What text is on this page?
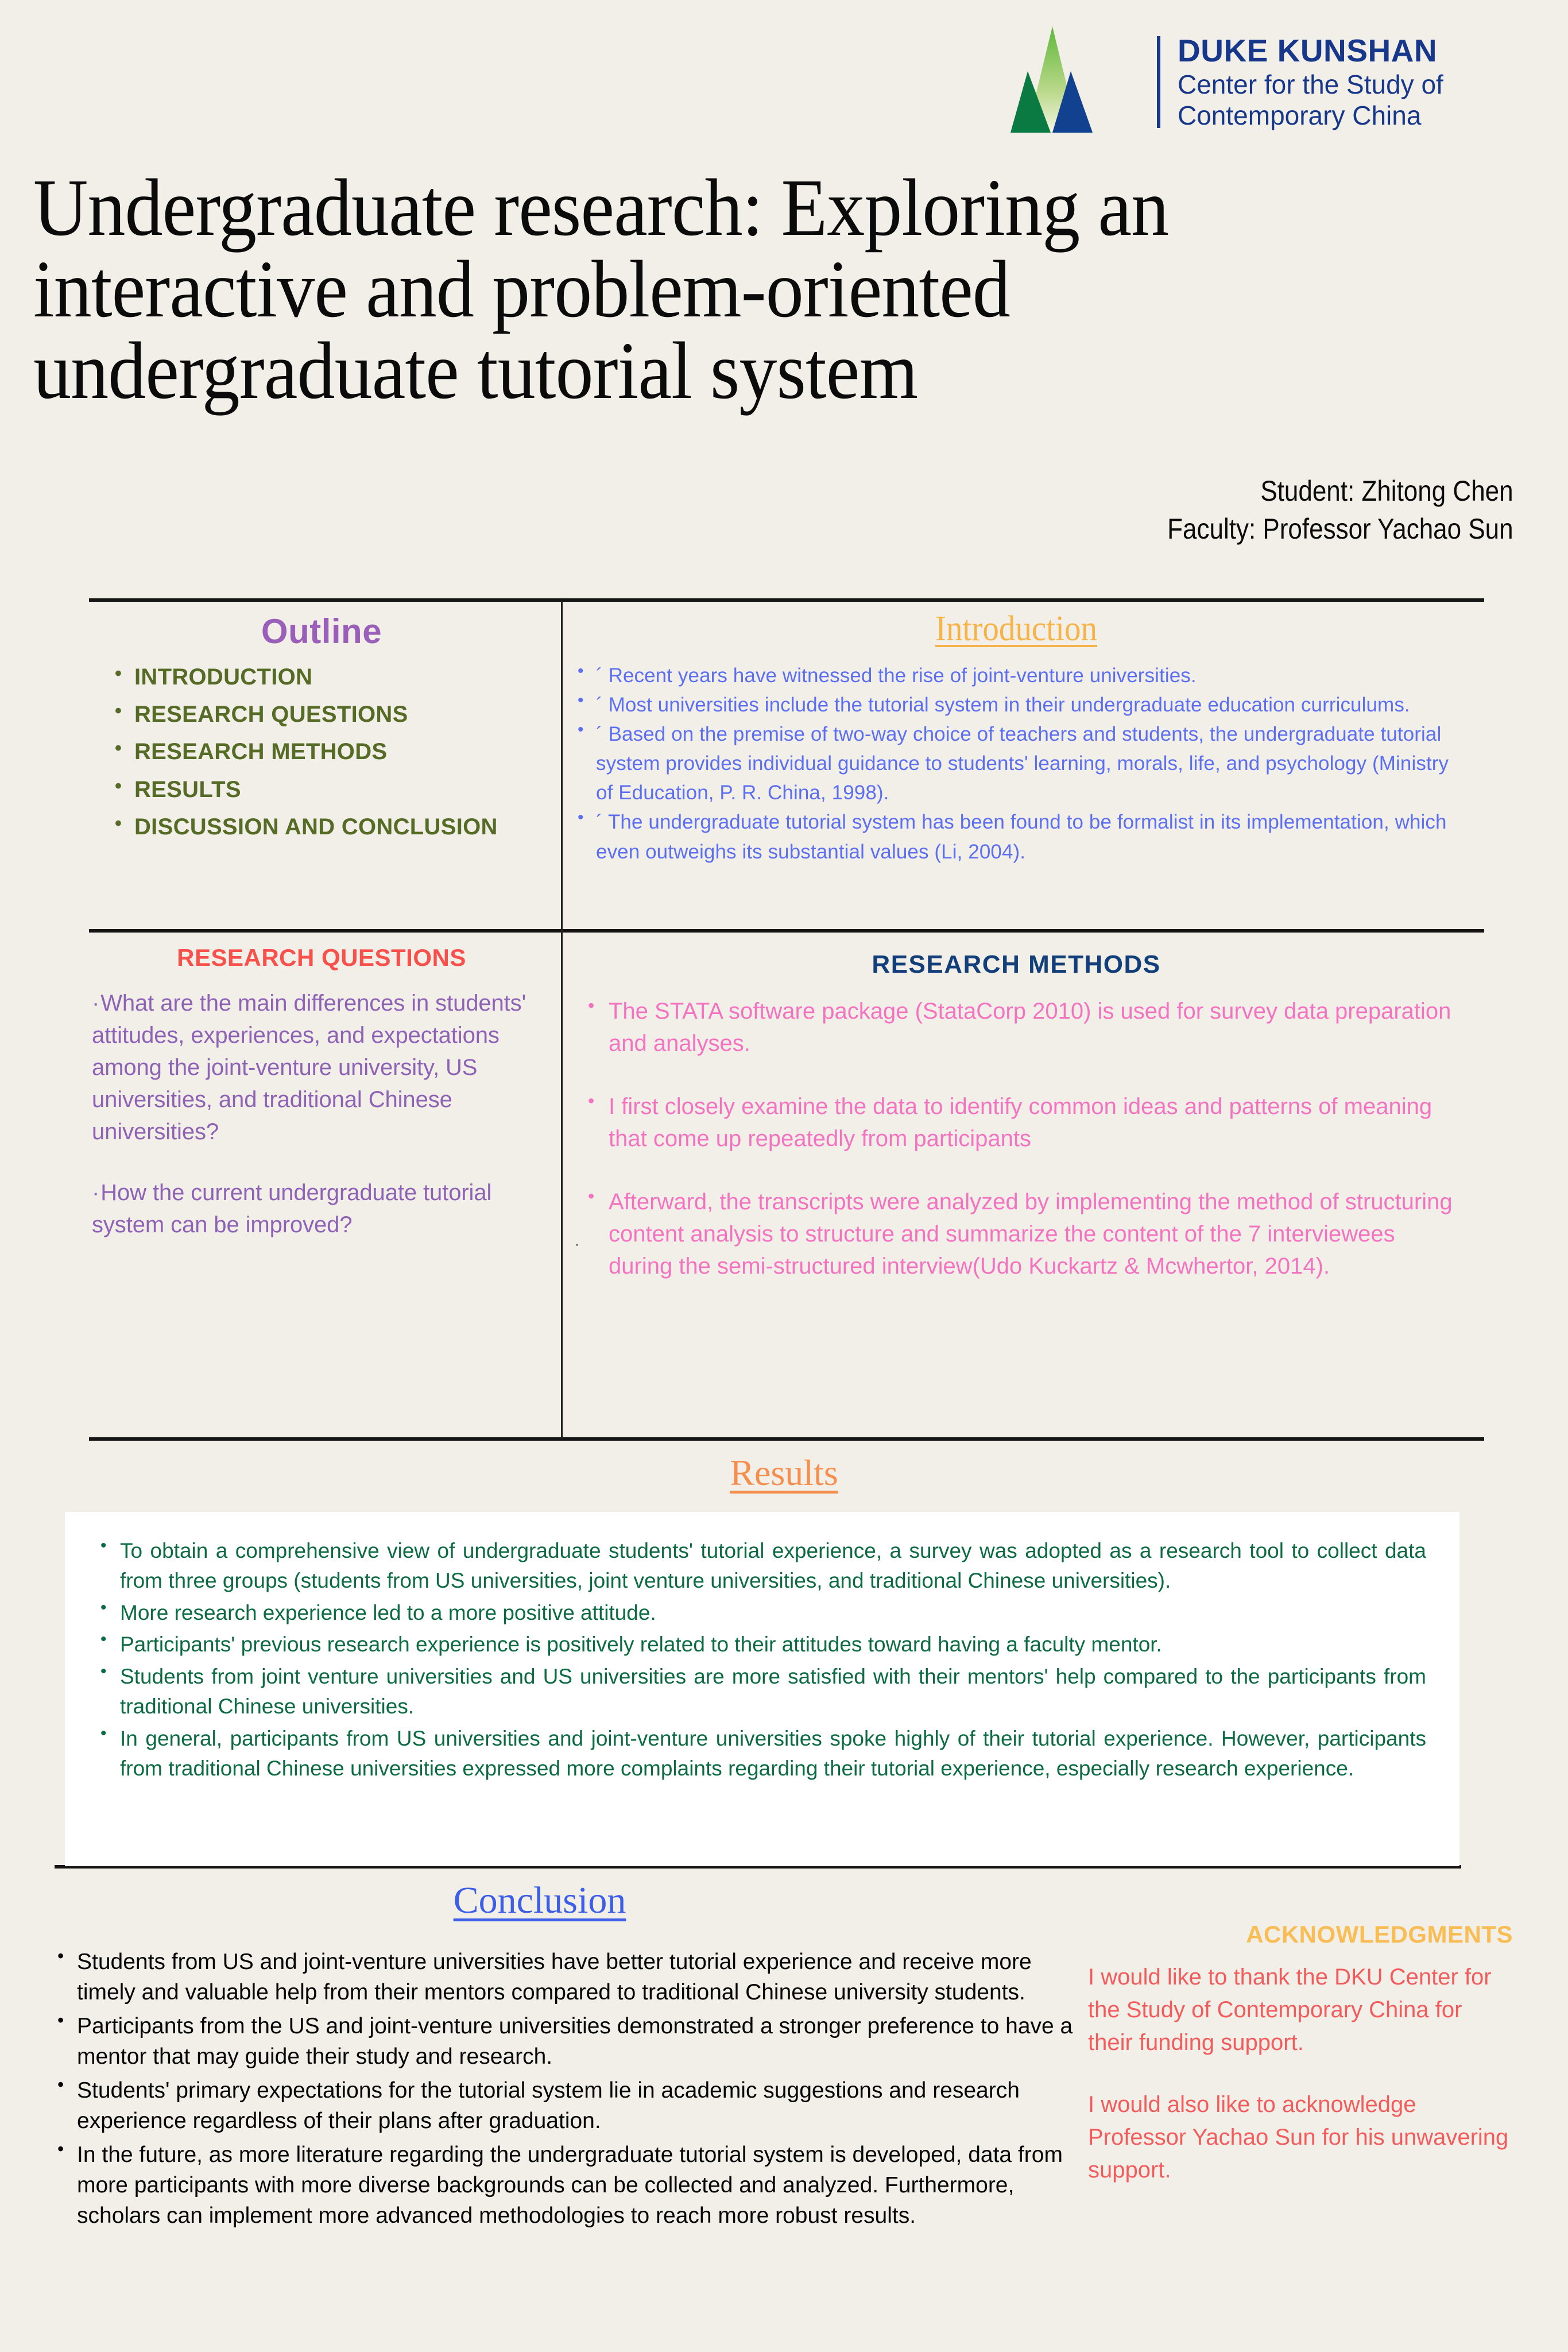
DUKE KUNSHAN
Center for the Study of
Contemporary China
Undergraduate research: Exploring an interactive and problem-oriented undergraduate tutorial system
Student: Zhitong Chen
Faculty: Professor Yachao Sun
Outline
• INTRODUCTION
• RESEARCH QUESTIONS
• RESEARCH METHODS
• RESULTS
• DISCUSSION AND CONCLUSION
Introduction
• ´ Recent years have witnessed the rise of joint-venture universities.
• ´ Most universities include the tutorial system in their undergraduate education curriculums.
• ´ Based on the premise of two-way choice of teachers and students, the undergraduate tutorial system provides individual guidance to students' learning, morals, life, and psychology (Ministry of Education, P. R. China, 1998).
• ´ The undergraduate tutorial system has been found to be formalist in its implementation, which even outweighs its substantial values (Li, 2004).
RESEARCH QUESTIONS
· What are the main differences in students' attitudes, experiences, and expectations among the joint-venture university, US universities, and traditional Chinese universities?
· How the current undergraduate tutorial system can be improved?
RESEARCH METHODS
• The STATA software package (StataCorp 2010) is used for survey data preparation and analyses.
• I first closely examine the data to identify common ideas and patterns of meaning that come up repeatedly from participants
• Afterward, the transcripts were analyzed by implementing the method of structuring content analysis to structure and summarize the content of the 7 interviewees during the semi-structured interview(Udo Kuckartz & Mcwhertor, 2014).
·
Results
• To obtain a comprehensive view of undergraduate students' tutorial experience, a survey was adopted as a research tool to collect data from three groups (students from US universities, joint venture universities, and traditional Chinese universities).
• More research experience led to a more positive attitude.
• Participants' previous research experience is positively related to their attitudes toward having a faculty mentor.
• Students from joint venture universities and US universities are more satisfied with their mentors' help compared to the participants from traditional Chinese universities.
• In general, participants from US universities and joint-venture universities spoke highly of their tutorial experience. However, participants from traditional Chinese universities expressed more complaints regarding their tutorial experience, especially research experience.
Conclusion
• Students from US and joint-venture universities have better tutorial experience and receive more timely and valuable help from their mentors compared to traditional Chinese university students.
• Participants from the US and joint-venture universities demonstrated a stronger preference to have a mentor that may guide their study and research.
• Students' primary expectations for the tutorial system lie in academic suggestions and research experience regardless of their plans after graduation.
• In the future, as more literature regarding the undergraduate tutorial system is developed, data from more participants with more diverse backgrounds can be collected and analyzed. Furthermore, scholars can implement more advanced methodologies to reach more robust results.
ACKNOWLEDGMENTS
I would like to thank the DKU Center for the Study of Contemporary China for their funding support.
I would also like to acknowledge Professor Yachao Sun for his unwavering support.
